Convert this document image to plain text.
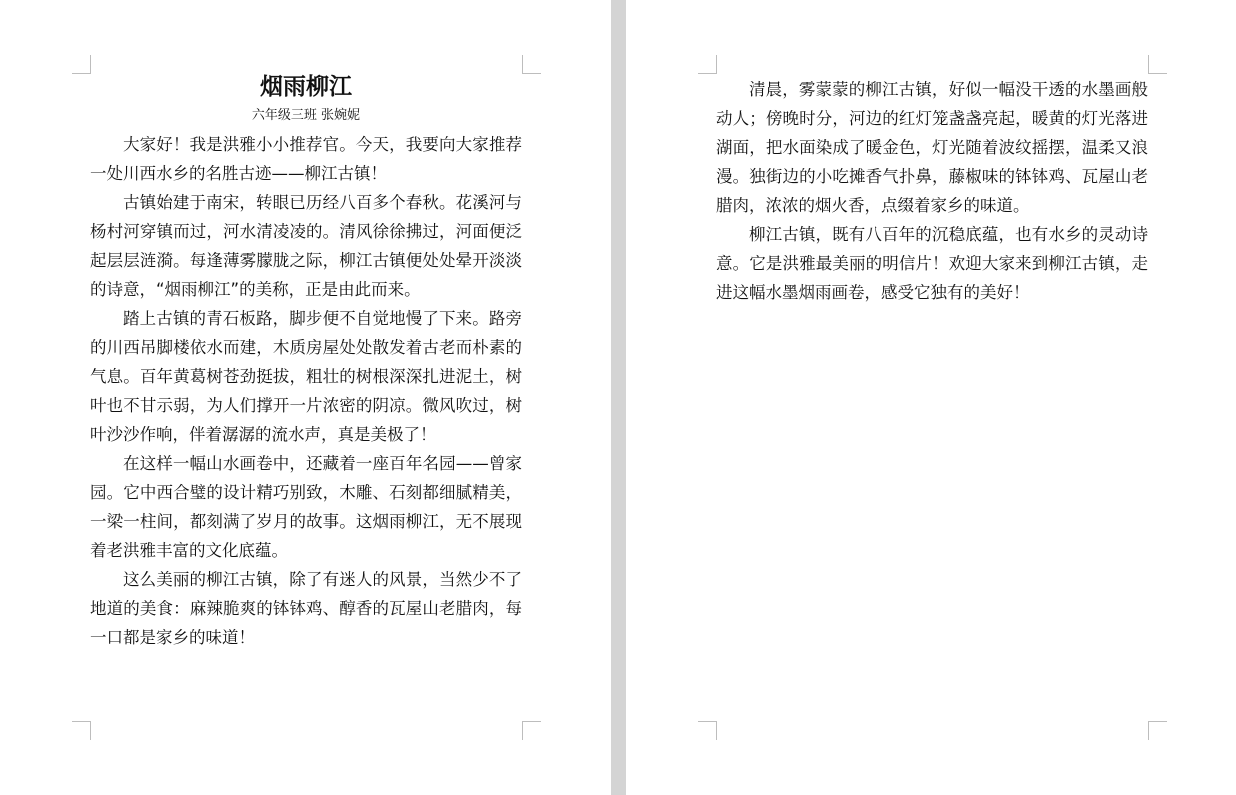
烟雨柳江

六年级三班 张婉妮

大家好！我是洪雅小小推荐官。今天，我要向大家推荐一处川西水乡的名胜古迹——柳江古镇！

古镇始建于南宋，转眼已历经八百多个春秋。花溪河与杨村河穿镇而过，河水清凌凌的。清风徐徐拂过，河面便泛起层层涟漪。每逢薄雾朦胧之际，柳江古镇便处处晕开淡淡的诗意，“烟雨柳江”的美称，正是由此而来。

踏上古镇的青石板路，脚步便不自觉地慢了下来。路旁的川西吊脚楼依水而建，木质房屋处处散发着古老而朴素的气息。百年黄葛树苍劲挺拔，粗壮的树根深深扎进泥土，树叶也不甘示弱，为人们撑开一片浓密的阴凉。微风吹过，树叶沙沙作响，伴着潺潺的流水声，真是美极了！

在这样一幅山水画卷中，还藏着一座百年名园——曾家园。它中西合璧的设计精巧别致，木雕、石刻都细腻精美，一梁一柱间，都刻满了岁月的故事。这烟雨柳江，无不展现着老洪雅丰富的文化底蕴。

这么美丽的柳江古镇，除了有迷人的风景，当然少不了地道的美食：麻辣脆爽的钵钵鸡、醇香的瓦屋山老腊肉，每一口都是家乡的味道！

清晨，雾蒙蒙的柳江古镇，好似一幅没干透的水墨画般动人；傍晚时分，河边的红灯笼盏盏亮起，暖黄的灯光落进湖面，把水面染成了暖金色，灯光随着波纹摇摆，温柔又浪漫。独街边的小吃摊香气扑鼻，藤椒味的钵钵鸡、瓦屋山老腊肉，浓浓的烟火香，点缀着家乡的味道。

柳江古镇，既有八百年的沉稳底蕴，也有水乡的灵动诗意。它是洪雅最美丽的明信片！欢迎大家来到柳江古镇，走进这幅水墨烟雨画卷，感受它独有的美好！
